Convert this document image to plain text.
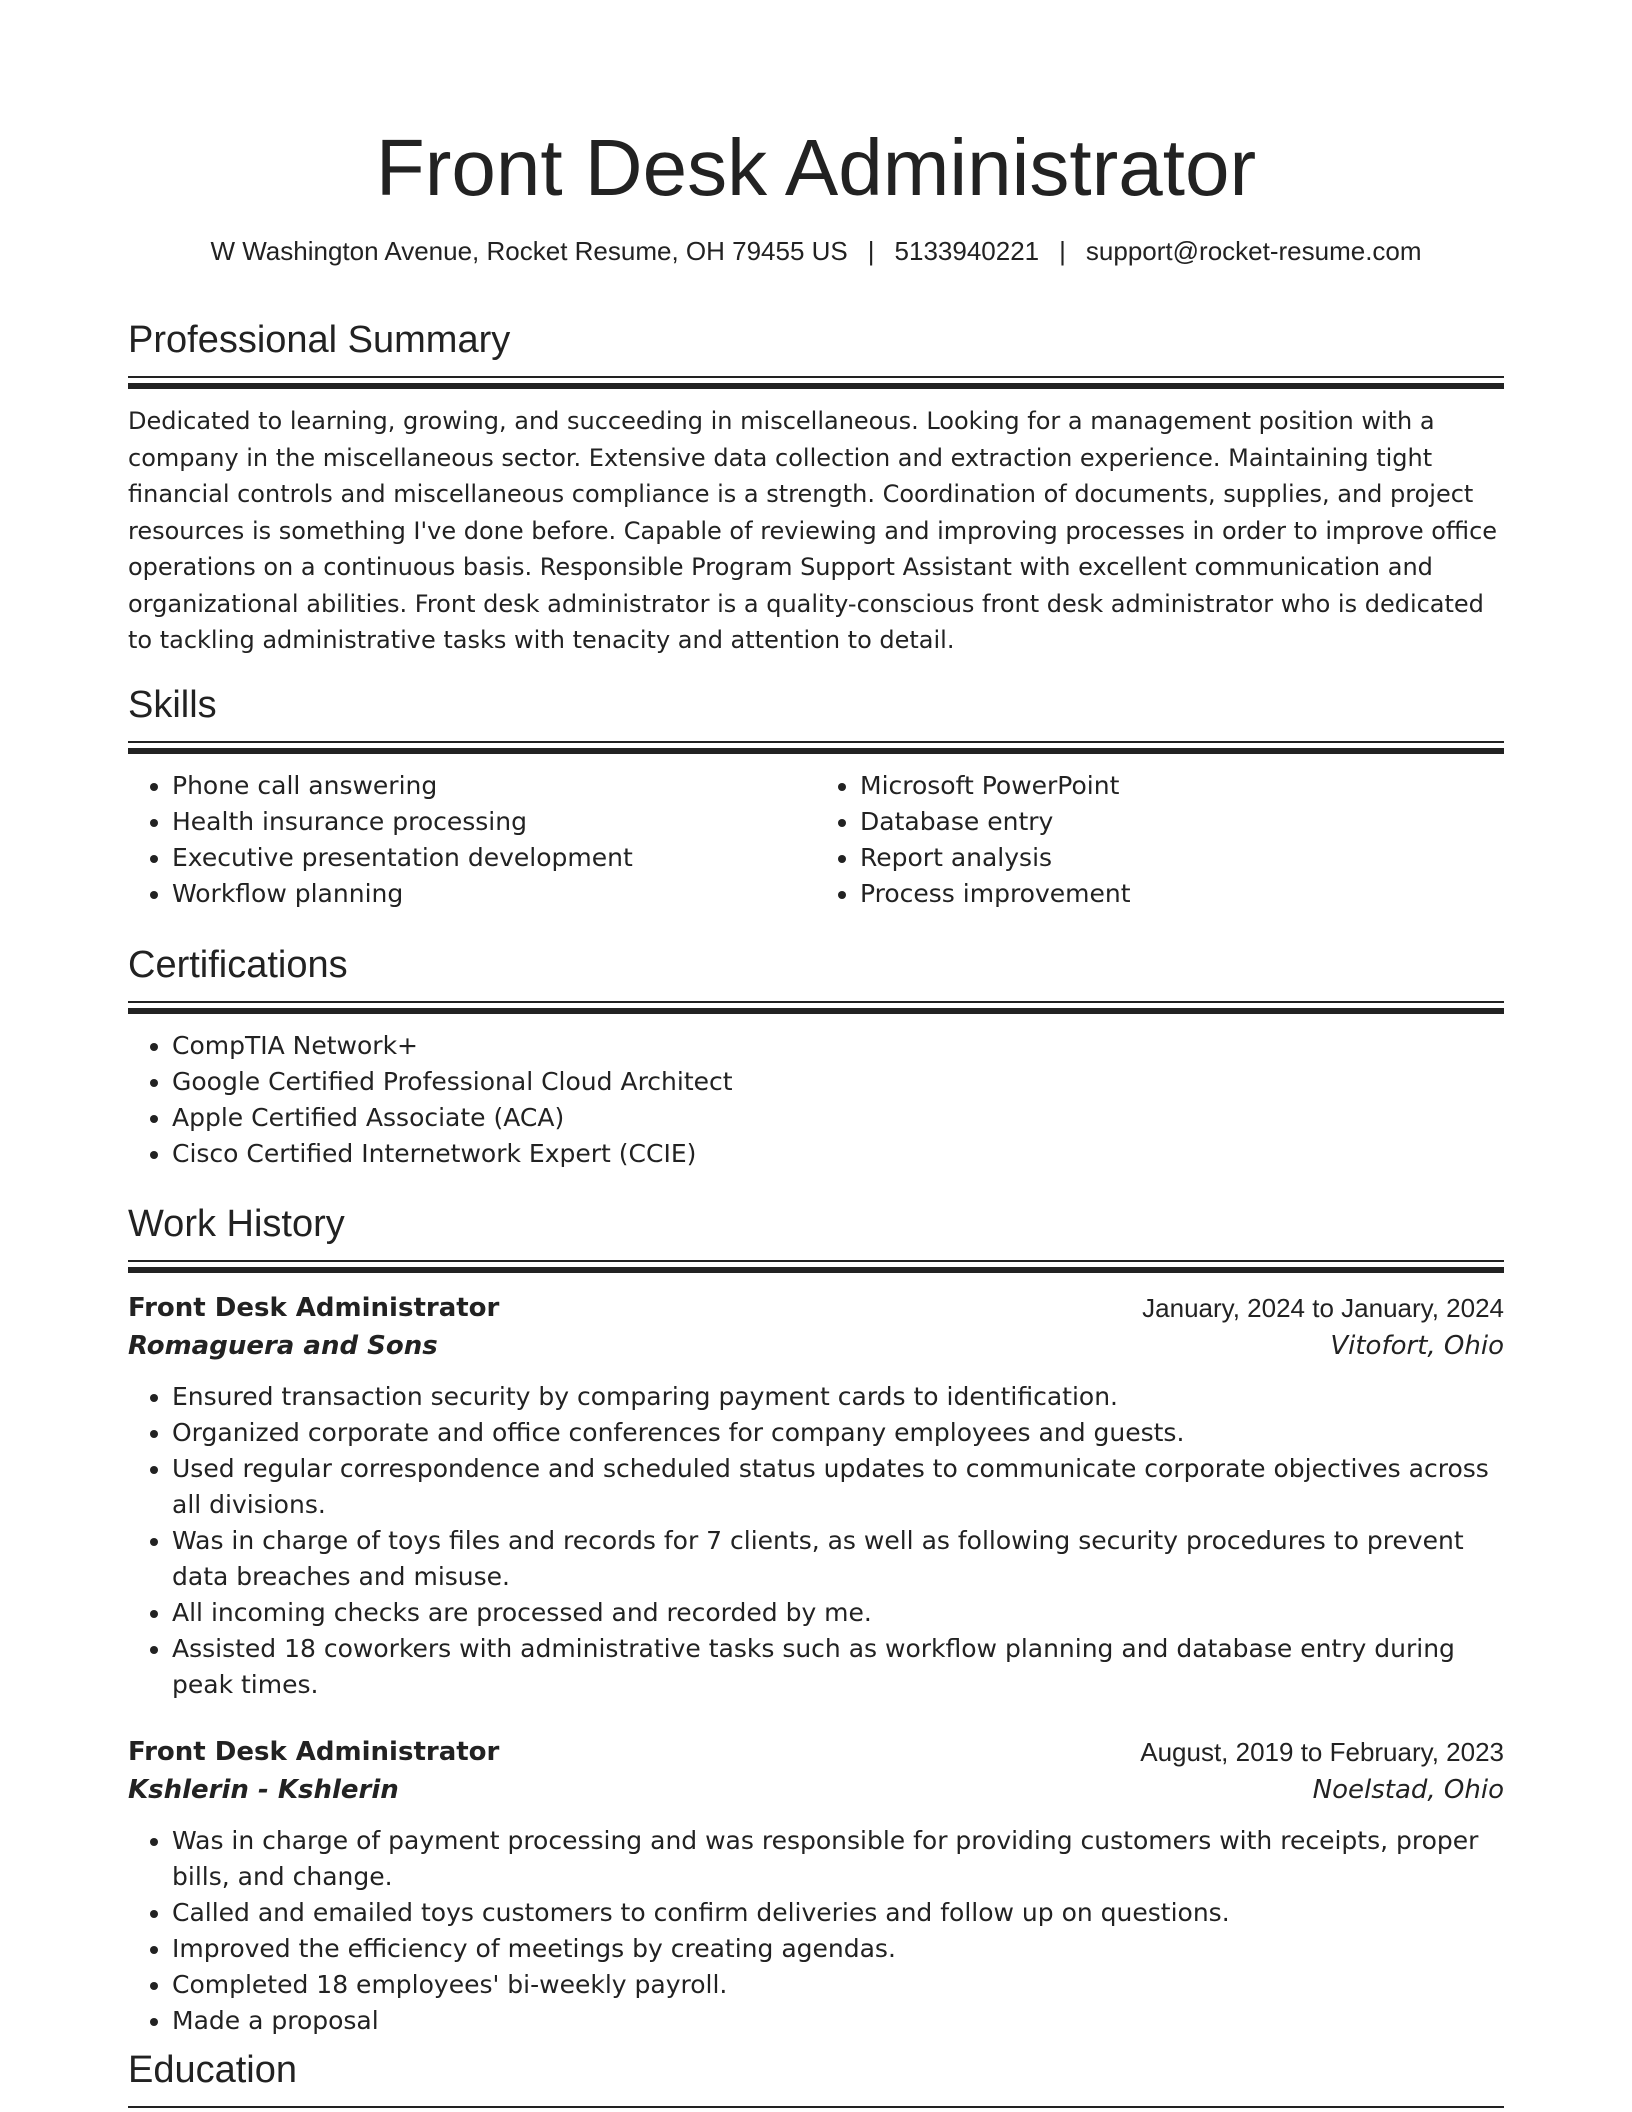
Front Desk Administrator
W Washington Avenue, Rocket Resume, OH 79455 US | 5133940221 | support@rocket-resume.com
Professional Summary
Dedicated to learning, growing, and succeeding in miscellaneous. Looking for a management position with a company in the miscellaneous sector. Extensive data collection and extraction experience. Maintaining tight financial controls and miscellaneous compliance is a strength. Coordination of documents, supplies, and project resources is something I've done before. Capable of reviewing and improving processes in order to improve office operations on a continuous basis. Responsible Program Support Assistant with excellent communication and organizational abilities. Front desk administrator is a quality-conscious front desk administrator who is dedicated to tackling administrative tasks with tenacity and attention to detail.
Skills
• Phone call answering
• Health insurance processing
• Executive presentation development
• Workflow planning
• Microsoft PowerPoint
• Database entry
• Report analysis
• Process improvement
Certifications
• CompTIA Network+
• Google Certified Professional Cloud Architect
• Apple Certified Associate (ACA)
• Cisco Certified Internetwork Expert (CCIE)
Work History
Front Desk Administrator	January, 2024 to January, 2024
Romaguera and Sons	Vitofort, Ohio
• Ensured transaction security by comparing payment cards to identification.
• Organized corporate and office conferences for company employees and guests.
• Used regular correspondence and scheduled status updates to communicate corporate objectives across all divisions.
• Was in charge of toys files and records for 7 clients, as well as following security procedures to prevent data breaches and misuse.
• All incoming checks are processed and recorded by me.
• Assisted 18 coworkers with administrative tasks such as workflow planning and database entry during peak times.
Front Desk Administrator	August, 2019 to February, 2023
Kshlerin - Kshlerin	Noelstad, Ohio
• Was in charge of payment processing and was responsible for providing customers with receipts, proper bills, and change.
• Called and emailed toys customers to confirm deliveries and follow up on questions.
• Improved the efficiency of meetings by creating agendas.
• Completed 18 employees' bi-weekly payroll.
• Made a proposal
Education
